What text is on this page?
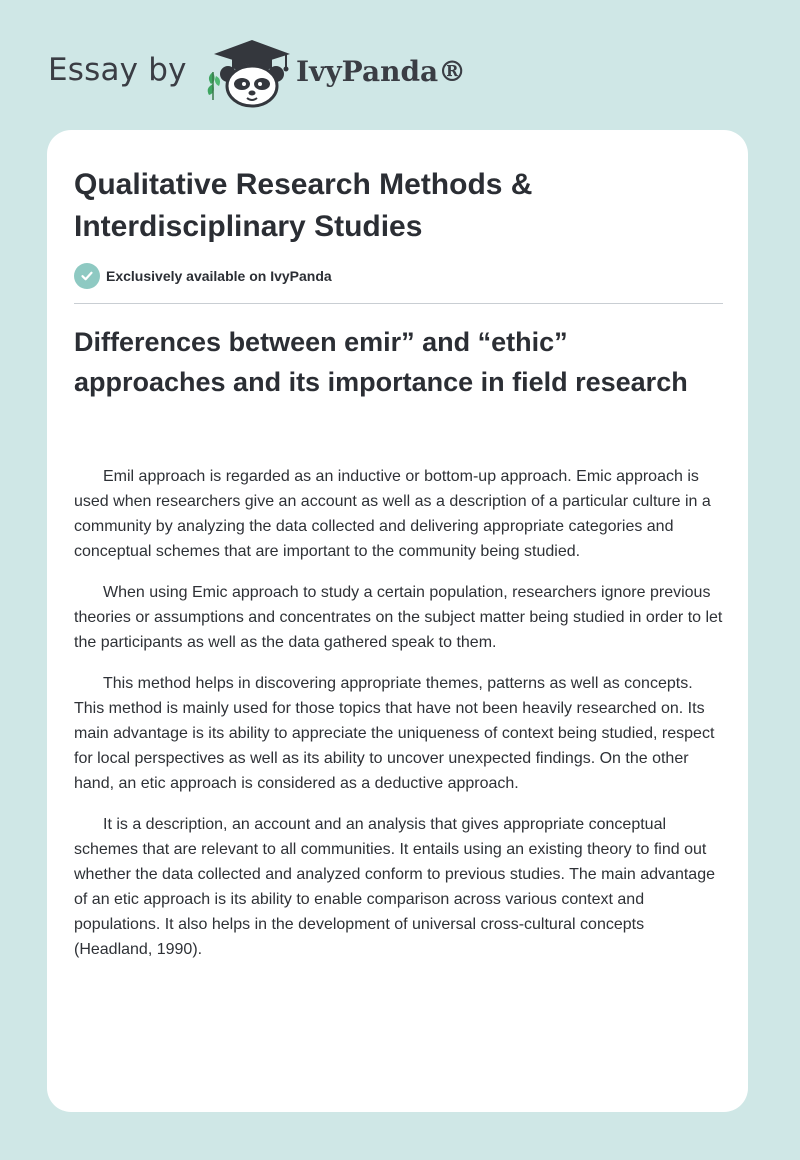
Essay by	IvyPanda®
Qualitative Research Methods & Interdisciplinary Studies
Exclusively available on IvyPanda
Differences between emir” and “ethic” approaches and its importance in field research

Emil approach is regarded as an inductive or bottom-up approach. Emic approach is used when researchers give an account as well as a description of a particular culture in a community by analyzing the data collected and delivering appropriate categories and conceptual schemes that are important to the community being studied.

When using Emic approach to study a certain population, researchers ignore previous theories or assumptions and concentrates on the subject matter being studied in order to let the participants as well as the data gathered speak to them.

This method helps in discovering appropriate themes, patterns as well as concepts. This method is mainly used for those topics that have not been heavily researched on. Its main advantage is its ability to appreciate the uniqueness of context being studied, respect for local perspectives as well as its ability to uncover unexpected findings. On the other hand, an etic approach is considered as a deductive approach.

It is a description, an account and an analysis that gives appropriate conceptual schemes that are relevant to all communities. It entails using an existing theory to find out whether the data collected and analyzed conform to previous studies. The main advantage of an etic approach is its ability to enable comparison across various context and populations. It also helps in the development of universal cross-cultural concepts (Headland, 1990).
